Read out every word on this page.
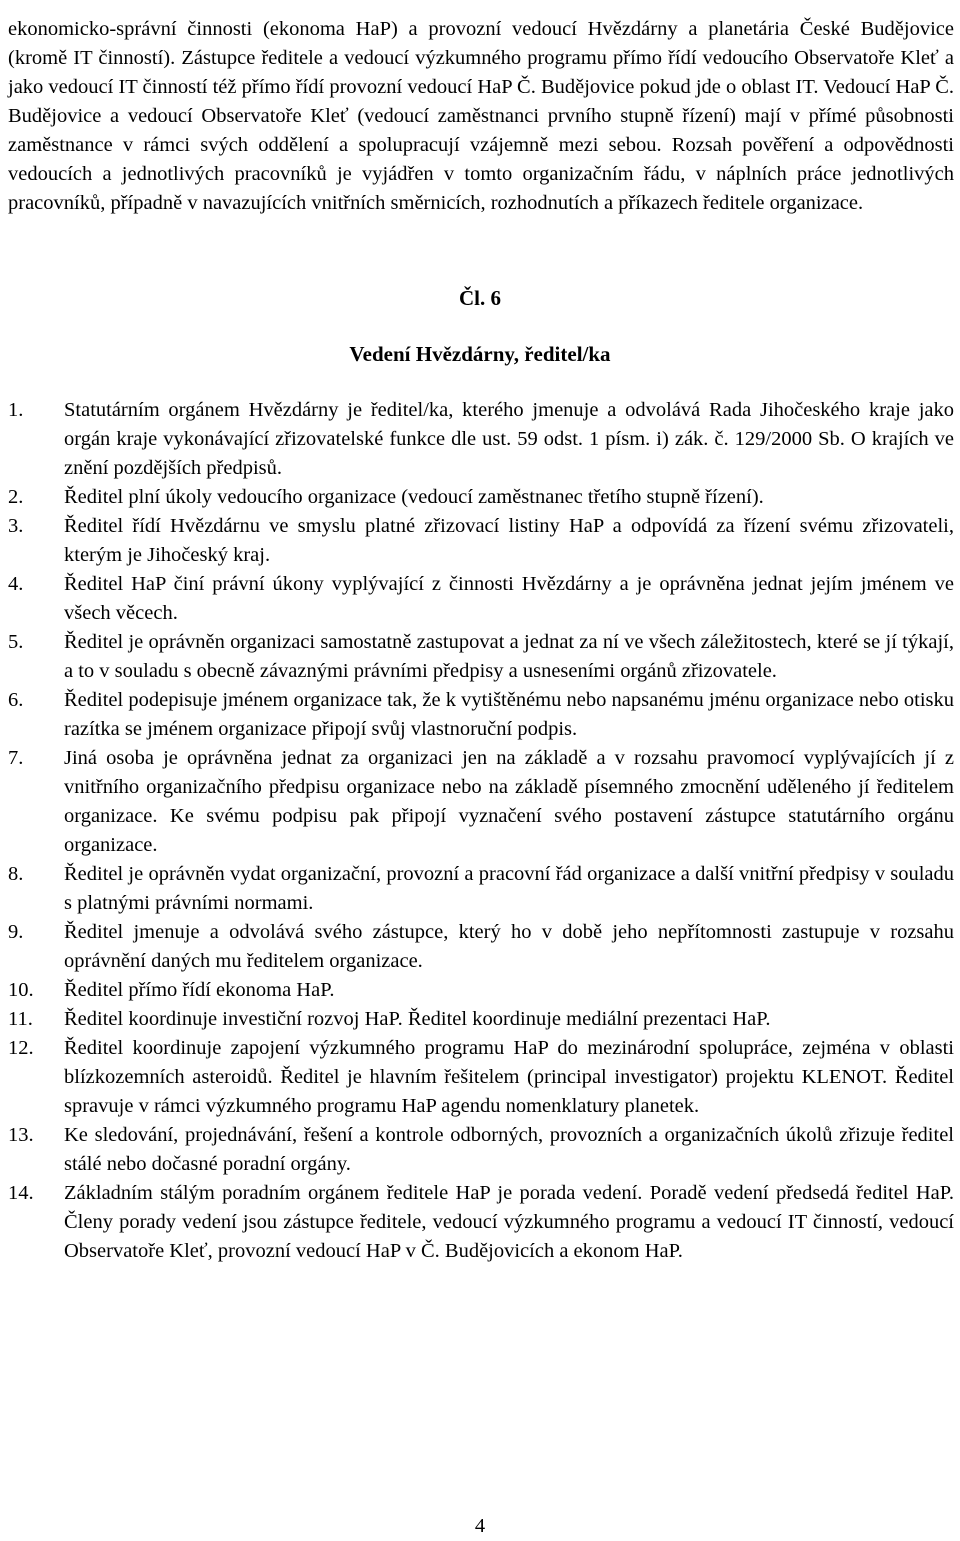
ekonomicko-správní činnosti (ekonoma HaP) a provozní vedoucí Hvězdárny a planetária České Budějovice (kromě IT činností). Zástupce ředitele a vedoucí výzkumného programu přímo řídí vedoucího Observatoře Kleť a jako vedoucí IT činností též přímo řídí provozní vedoucí HaP Č. Budějovice pokud jde o oblast IT. Vedoucí HaP Č. Budějovice a vedoucí Observatoře Kleť (vedoucí zaměstnanci prvního stupně řízení) mají v přímé působnosti zaměstnance v rámci svých oddělení a spolupracují vzájemně mezi sebou. Rozsah pověření a odpovědnosti vedoucích a jednotlivých pracovníků je vyjádřen v tomto organizačním řádu, v náplních práce jednotlivých pracovníků, případně v navazujících vnitřních směrnicích, rozhodnutích a příkazech ředitele organizace.

Čl. 6
Vedení Hvězdárny, ředitel/ka
1. Statutárním orgánem Hvězdárny je ředitel/ka, kterého jmenuje a odvolává Rada Jihočeského kraje jako orgán kraje vykonávající zřizovatelské funkce dle ust. 59 odst. 1 písm. i) zák. č. 129/2000 Sb. O krajích ve znění pozdějších předpisů.
2. Ředitel plní úkoly vedoucího organizace (vedoucí zaměstnanec třetího stupně řízení).
3. Ředitel řídí Hvězdárnu ve smyslu platné zřizovací listiny HaP a odpovídá za řízení svému zřizovateli, kterým je Jihočeský kraj.
4. Ředitel HaP činí právní úkony vyplývající z činnosti Hvězdárny a je oprávněna jednat jejím jménem ve všech věcech.
5. Ředitel je oprávněn organizaci samostatně zastupovat a jednat za ní ve všech záležitostech, které se jí týkají, a to v souladu s obecně závaznými právními předpisy a usneseními orgánů zřizovatele.
6. Ředitel podepisuje jménem organizace tak, že k vytištěnému nebo napsanému jménu organizace nebo otisku razítka se jménem organizace připojí svůj vlastnoruční podpis.
7. Jiná osoba je oprávněna jednat za organizaci jen na základě a v rozsahu pravomocí vyplývajících jí z vnitřního organizačního předpisu organizace nebo na základě písemného zmocnění uděleného jí ředitelem organizace. Ke svému podpisu pak připojí vyznačení svého postavení zástupce statutárního orgánu organizace.
8. Ředitel je oprávněn vydat organizační, provozní a pracovní řád organizace a další vnitřní předpisy v souladu s platnými právními normami.
9. Ředitel jmenuje a odvolává svého zástupce, který ho v době jeho nepřítomnosti zastupuje v rozsahu oprávnění daných mu ředitelem organizace.
10. Ředitel přímo řídí ekonoma HaP.
11. Ředitel koordinuje investiční rozvoj HaP. Ředitel koordinuje mediální prezentaci HaP.
12. Ředitel koordinuje zapojení výzkumného programu HaP do mezinárodní spolupráce, zejména v oblasti blízkozemních asteroidů. Ředitel je hlavním řešitelem (principal investigator) projektu KLENOT. Ředitel spravuje v rámci výzkumného programu HaP agendu nomenklatury planetek.
13. Ke sledování, projednávání, řešení a kontrole odborných, provozních a organizačních úkolů zřizuje ředitel stálé nebo dočasné poradní orgány.
14. Základním stálým poradním orgánem ředitele HaP je porada vedení. Poradě vedení předsedá ředitel HaP. Členy porady vedení jsou zástupce ředitele, vedoucí výzkumného programu a vedoucí IT činností, vedoucí Observatoře Kleť, provozní vedoucí HaP v Č. Budějovicích a ekonom HaP.
4
